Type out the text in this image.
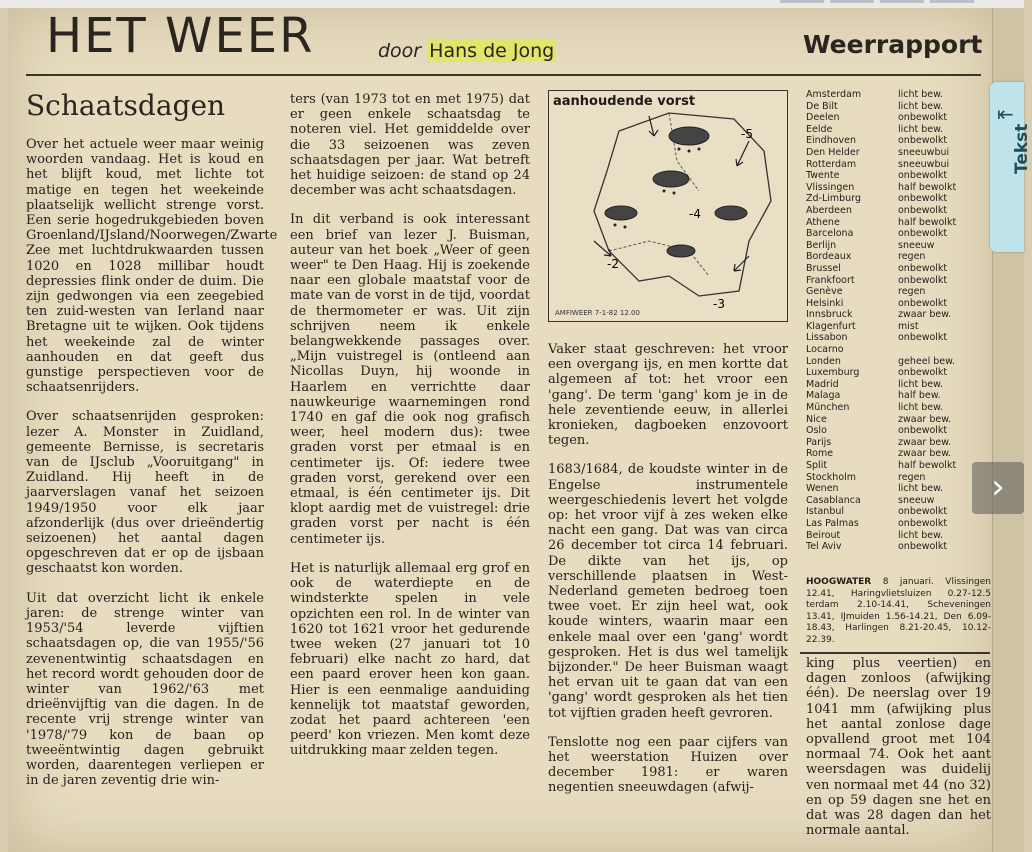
HET WEER	door Hans de Jong	Weerrapport
Schaatsdagen

Over het actuele weer maar weinig woorden vandaag. Het is koud en het blijft koud, met lichte tot matige en tegen het weekeinde plaatselijk wellicht strenge vorst. Een serie hogedrukgebieden boven Groenland/IJsland/Noorwegen/Zwarte Zee met luchtdrukwaarden tussen 1020 en 1028 millibar houdt depressies flink onder de duim. Die zijn gedwongen via een zeegebied ten zuid-westen van Ierland naar Bretagne uit te wijken. Ook tijdens het weekeinde zal de winter aanhouden en dat geeft dus gunstige perspectieven voor de schaatsenrijders.

Over schaatsenrijden gesproken: lezer A. Monster in Zuidland, gemeente Bernisse, is secretaris van de IJsclub „Vooruitgang" in Zuidland. Hij heeft in de jaarverslagen vanaf het seizoen 1949/1950 voor elk jaar afzonderlijk (dus over drieëndertig seizoenen) het aantal dagen opgeschreven dat er op de ijsbaan geschaatst kon worden.

Uit dat overzicht licht ik enkele jaren: de strenge winter van 1953/'54 leverde vijftien schaatsdagen op, die van 1955/'56 zevenentwintig schaatsdagen en het record wordt gehouden door de winter van 1962/'63 met drieënvijftig van die dagen. In de recente vrij strenge winter van '1978/'79 kon de baan op tweeëntwintig dagen gebruikt worden, daarentegen verliepen er in de jaren zeventig drie win-

ters (van 1973 tot en met 1975) dat er geen enkele schaatsdag te noteren viel. Het gemiddelde over die 33 seizoenen was zeven schaatsdagen per jaar. Wat betreft het huidige seizoen: de stand op 24 december was acht schaatsdagen.

In dit verband is ook interessant een brief van lezer J. Buisman, auteur van het boek „Weer of geen weer" te Den Haag. Hij is zoekende naar een globale maatstaf voor de mate van de vorst in de tijd, voordat de thermometer er was. Uit zijn schrijven neem ik enkele belangwekkende passages over. „Mijn vuistregel is (ontleend aan Nicollas Duyn, hij woonde in Haarlem en verrichtte daar nauwkeurige waarnemingen rond 1740 en gaf die ook nog grafisch weer, heel modern dus): twee graden vorst per etmaal is en centimeter ijs. Of: iedere twee graden vorst, gerekend over een etmaal, is één centimeter ijs. Dit klopt aardig met de vuistregel: drie graden vorst per nacht is één centimeter ijs.

Het is naturlijk allemaal erg grof en ook de waterdiepte en de windsterkte spelen in vele opzichten een rol. In de winter van 1620 tot 1621 vroor het gedurende twee weken (27 januari tot 10 februari) elke nacht zo hard, dat een paard erover heen kon gaan. Hier is een eenmalige aanduiding kennelijk tot maatstaf geworden, zodat het paard achtereen 'een peerd' kon vriezen. Men komt deze uitdrukking maar zelden tegen.

aanhoudende vorst
-5
-4
-2
-3
AMFIWEER 7-1-82 12.00

Vaker staat geschreven: het vroor een overgang ijs, en men kortte dat algemeen af tot: het vroor een 'gang'. De term 'gang' kom je in de hele zeventiende eeuw, in allerlei kronieken, dagboeken enzovoort tegen.

1683/1684, de koudste winter in de Engelse instrumentele weergeschiedenis levert het volgde op: het vroor vijf à zes weken elke nacht een gang. Dat was van circa 26 december tot circa 14 februari. De dikte van het ijs, op verschillende plaatsen in West-Nederland gemeten bedroeg toen twee voet. Er zijn heel wat, ook koude winters, waarin maar een enkele maal over een 'gang' wordt gesproken. Het is dus wel tamelijk bijzonder." De heer Buisman waagt het ervan uit te gaan dat van een 'gang' wordt gesproken als het tien tot vijftien graden heeft gevroren.

Tenslotte nog een paar cijfers van het weerstation Huizen over december 1981: er waren negentien sneeuwdagen (afwij-

Amsterdam	licht bew.
De Bilt	licht bew.
Deelen	onbewolkt
Eelde	licht bew.
Eindhoven	onbewolkt
Den Helder	sneeuwbui
Rotterdam	sneeuwbui
Twente	onbewolkt
Vlissingen	half bewolkt
Zd-Limburg	onbewolkt
Aberdeen	onbewolkt
Athene	half bewolkt
Barcelona	onbewolkt
Berlijn	sneeuw
Bordeaux	regen
Brussel	onbewolkt
Frankfoort	onbewolkt
Genève	regen
Helsinki	onbewolkt
Innsbruck	zwaar bew.
Klagenfurt	mist
Lissabon	onbewolkt
Locarno
Londen	geheel bew.
Luxemburg	onbewolkt
Madrid	licht bew.
Malaga	half bew.
München	licht bew.
Nice	zwaar bew.
Oslo	onbewolkt
Parijs	zwaar bew.
Rome	zwaar bew.
Split	half bewolkt
Stockholm	regen
Wenen	licht bew.
Casablanca	sneeuw
Istanbul	onbewolkt
Las Palmas	onbewolkt
Beirout	licht bew.
Tel Aviv	onbewolkt
HOOGWATER 8 januari. Vlissingen 12.41, Haringvlietsluizen 0.27-12.5 terdam 2.10-14.41, Scheveningen 13.41, IJmuiden 1.56-14.21, Den 6.09-18.43, Harlingen 8.21-20.45, 10.12-22.39.

king plus veertien) en dagen zonloos (afwijking één). De neerslag over 19 1041 mm (afwijking plus het aantal zonlose dage opvallend groot met 104 normaal 74. Ook het aant weersdagen was duidelij ven normaal met 44 (no 32) en op 59 dagen sne het en dat was 28 dagen dan het normale aantal.

⇤
Tekst
›
